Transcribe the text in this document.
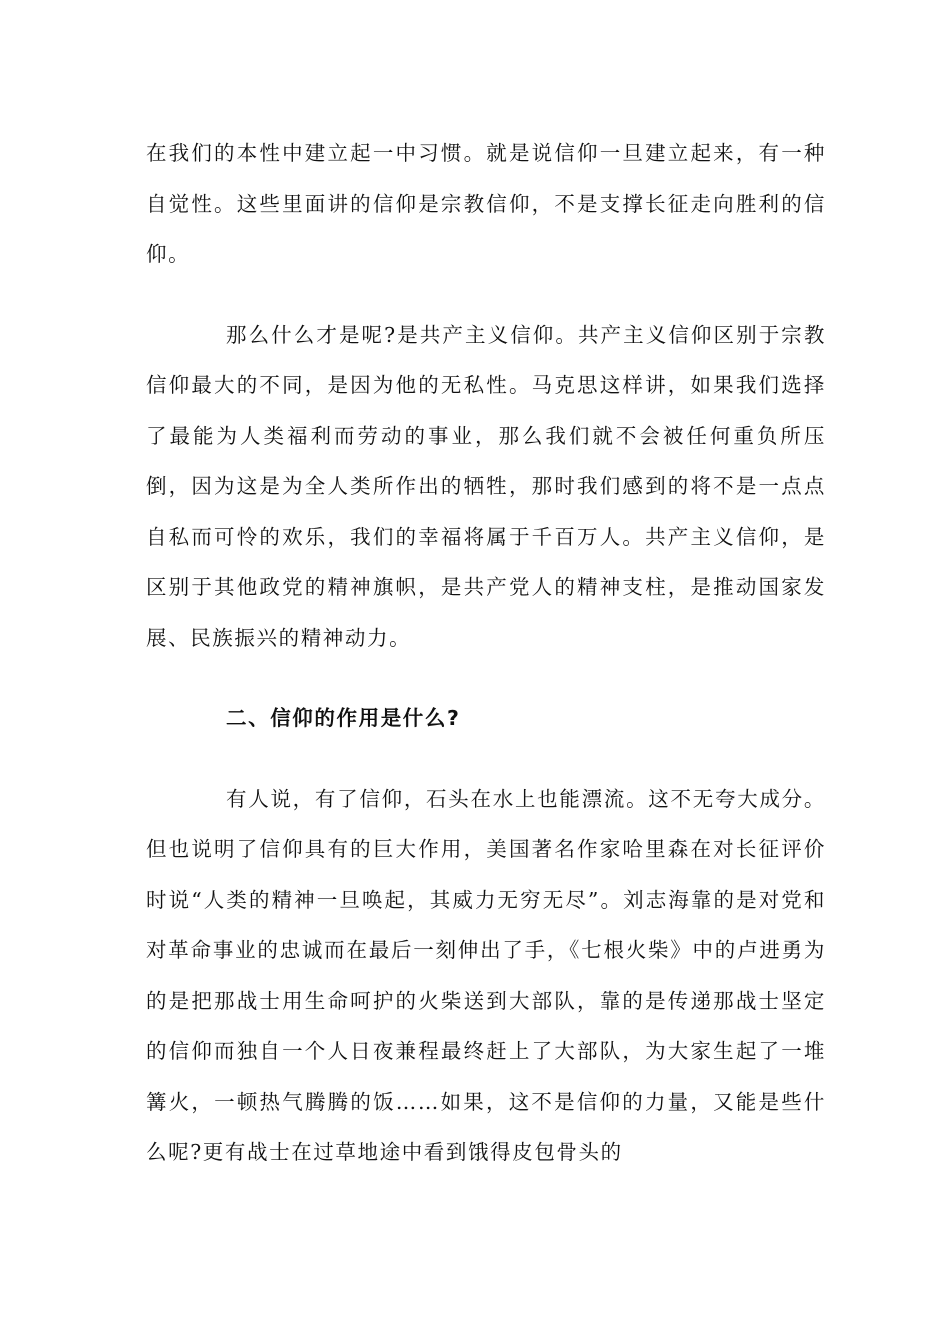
在我们的本性中建立起一中习惯。就是说信仰一旦建立起来，有一种自觉性。这些里面讲的信仰是宗教信仰，不是支撑长征走向胜利的信仰。

那么什么才是呢?是共产主义信仰。共产主义信仰区别于宗教信仰最大的不同，是因为他的无私性。马克思这样讲，如果我们选择了最能为人类福利而劳动的事业，那么我们就不会被任何重负所压倒，因为这是为全人类所作出的牺牲，那时我们感到的将不是一点点自私而可怜的欢乐，我们的幸福将属于千百万人。共产主义信仰，是区别于其他政党的精神旗帜，是共产党人的精神支柱，是推动国家发展、民族振兴的精神动力。

二、信仰的作用是什么?

有人说，有了信仰，石头在水上也能漂流。这不无夸大成分。但也说明了信仰具有的巨大作用，美国著名作家哈里森在对长征评价时说“人类的精神一旦唤起，其威力无穷无尽”。刘志海靠的是对党和对革命事业的忠诚而在最后一刻伸出了手，《七根火柴》中的卢进勇为的是把那战士用生命呵护的火柴送到大部队，靠的是传递那战士坚定的信仰而独自一个人日夜兼程最终赶上了大部队，为大家生起了一堆篝火，一顿热气腾腾的饭……如果，这不是信仰的力量，又能是些什么呢?更有战士在过草地途中看到饿得皮包骨头的
